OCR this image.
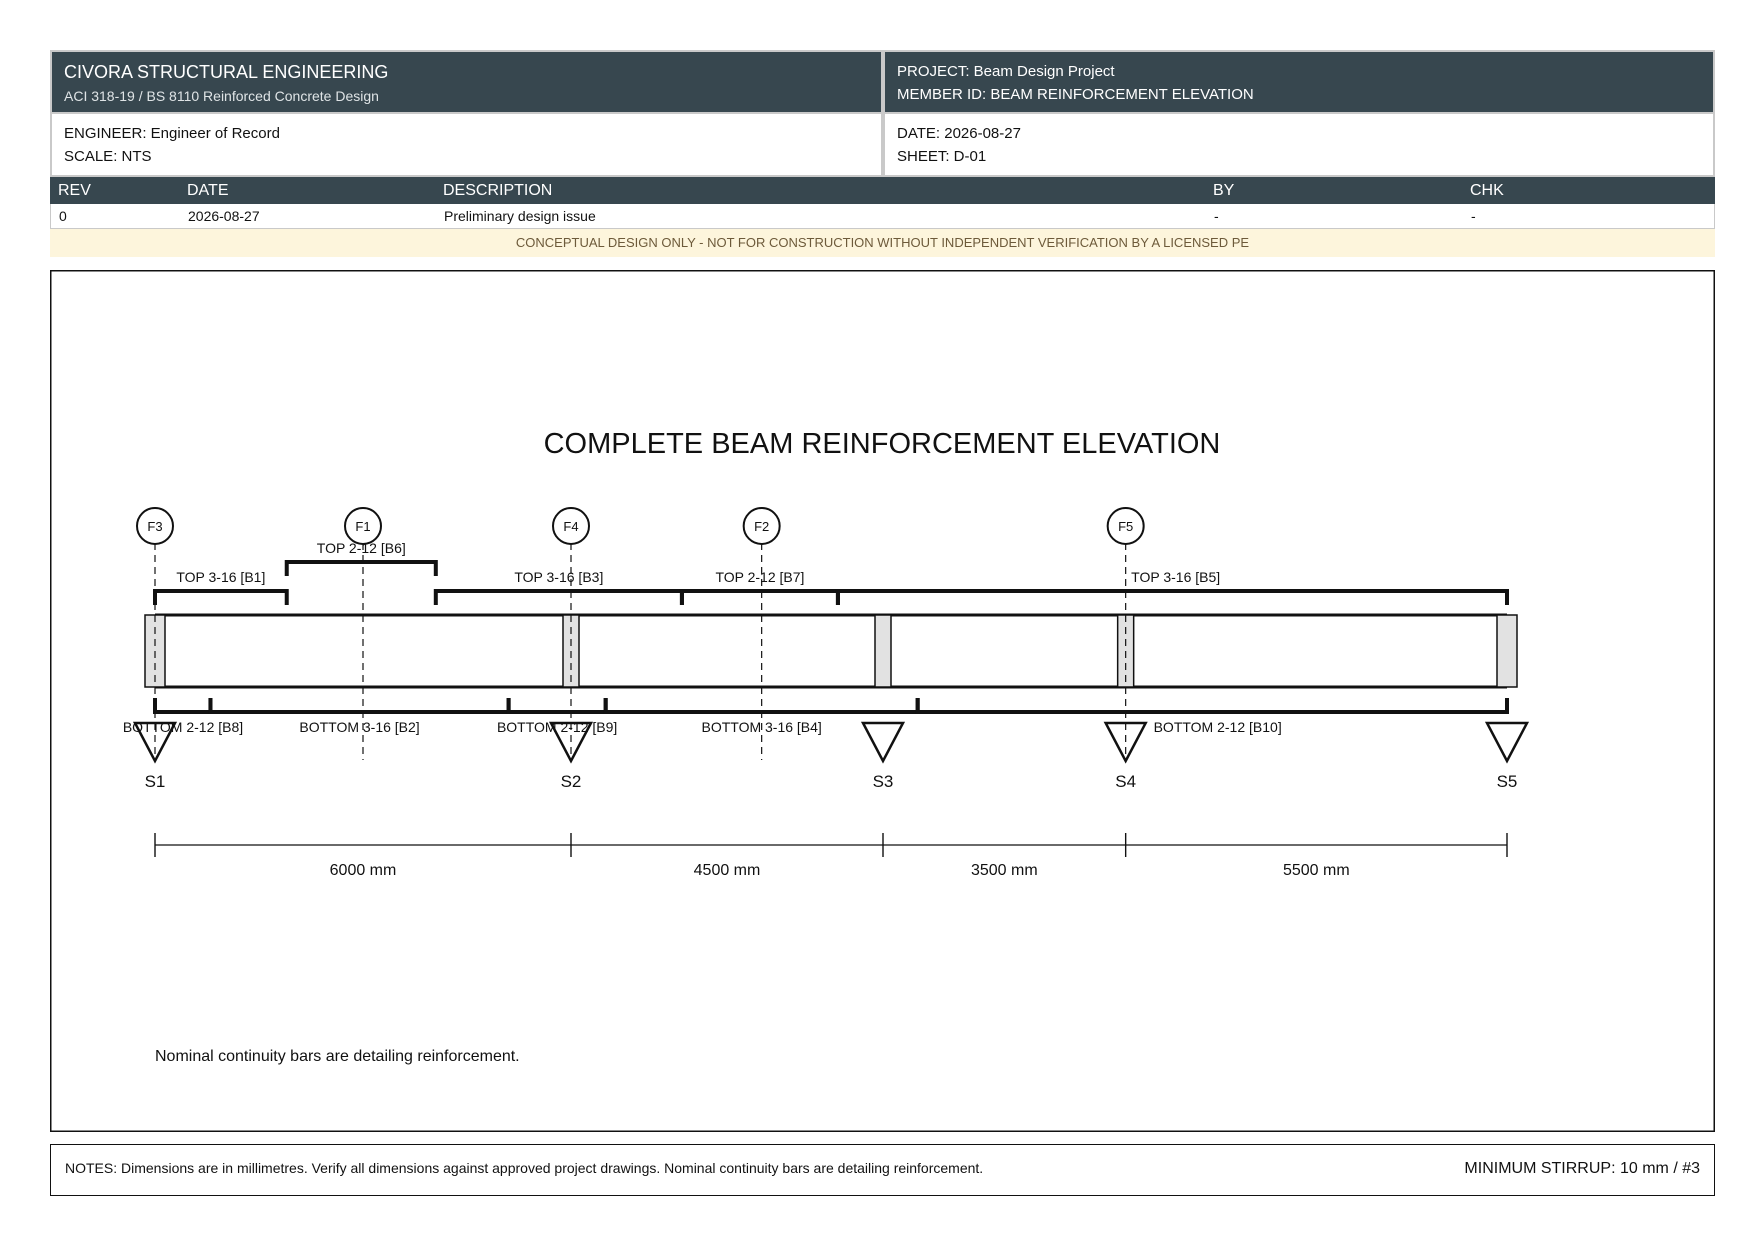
CIVORA STRUCTURAL ENGINEERING
ACI 318-19 / BS 8110 Reinforced Concrete Design
PROJECT: Beam Design Project
MEMBER ID: BEAM REINFORCEMENT ELEVATION
ENGINEER: Engineer of Record
SCALE: NTS
DATE: 2026-08-27
SHEET: D-01
REV	DATE	DESCRIPTION	BY	CHK
0	2026-08-27	Preliminary design issue	-	-
CONCEPTUAL DESIGN ONLY - NOT FOR CONSTRUCTION WITHOUT INDEPENDENT VERIFICATION BY A LICENSED PE
COMPLETE BEAM REINFORCEMENT ELEVATION
F3	F1	F4	F2	F5
TOP 3-16 [B1]
TOP 2-12 [B6]
TOP 3-16 [B3]	TOP 2-12 [B7]	TOP 3-16 [B5]
BOTTOM 2-12 [B8]	BOTTOM 3-16 [B2]	BOTTOM 2-12 [B9]	BOTTOM 3-16 [B4]	BOTTOM 2-12 [B10]
S1	S2	S3	S4	S5
6000 mm	4500 mm	3500 mm	5500 mm
Nominal continuity bars are detailing reinforcement.
NOTES: Dimensions are in millimetres. Verify all dimensions against approved project drawings. Nominal continuity bars are detailing reinforcement.	MINIMUM STIRRUP: 10 mm / #3
